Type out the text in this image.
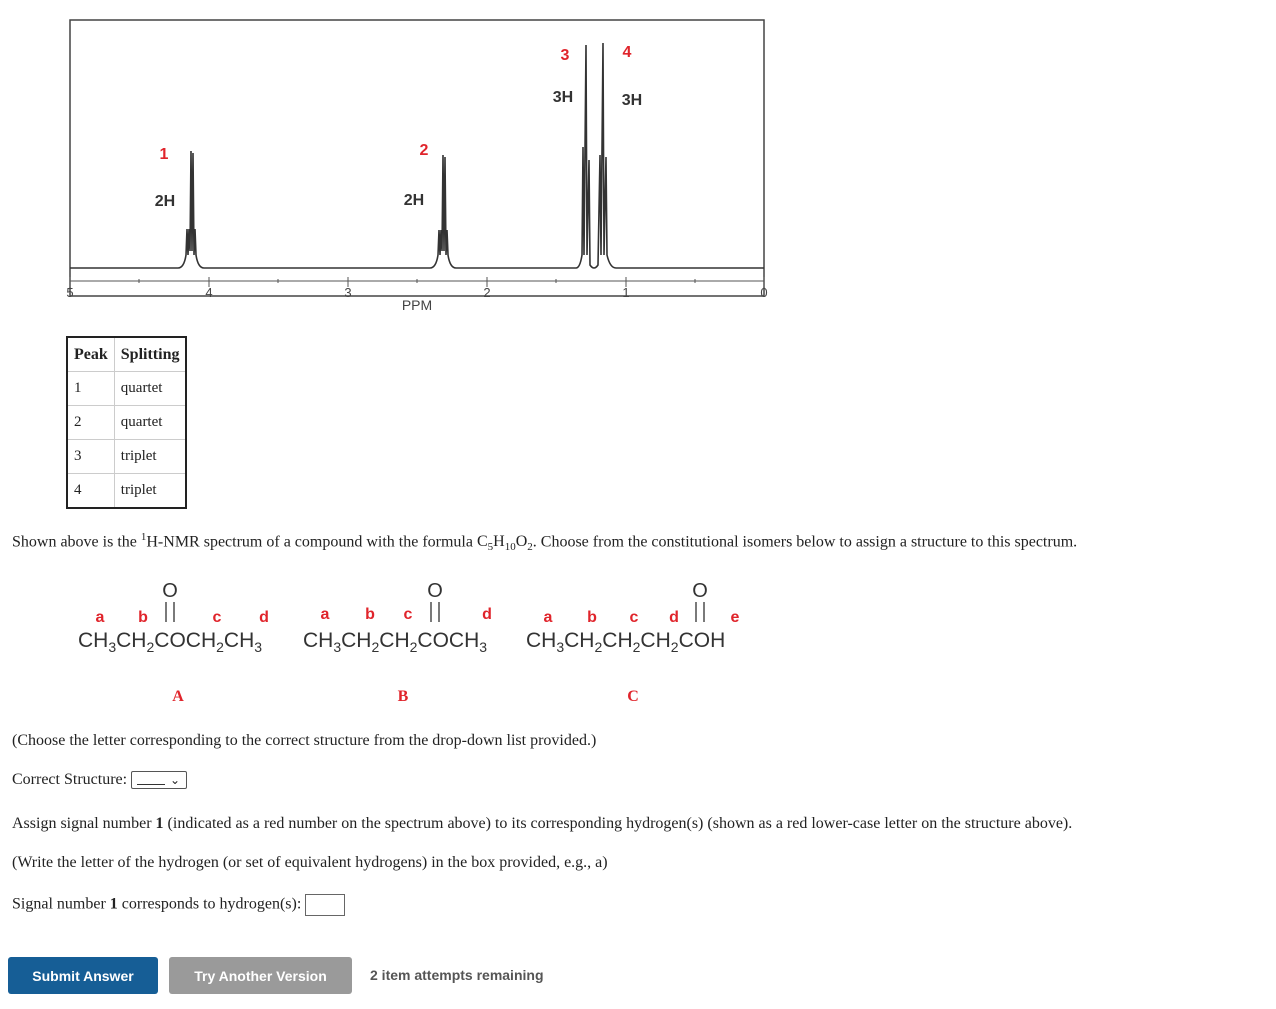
5	4	3	2	1	0
PPM
1	2
3	4
2H	2H
3H	3H
Peak	Splitting
1	quartet
2	quartet
3	triplet
4	triplet
Shown above is the $^1$H-NMR spectrum of a compound with the formula $C_5H_{10}O_2$. Choose from the constitutional isomers below to assign a structure to this spectrum.
O
a b	c d
$CH_3CH_2COCH_2CH_3$
A
O
a b c	d
$CH_3CH_2CH_2COCH_3$
B
O
a b c d	e
$CH_3CH_2CH_2CH_2COH$
C
(Choose the letter corresponding to the correct structure from the drop-down list provided.)
Correct Structure:	⌄
Assign signal number 1 (indicated as a red number on the spectrum above) to its corresponding hydrogen(s) (shown as a red lower-case letter on the structure above).
(Write the letter of the hydrogen (or set of equivalent hydrogens) in the box provided, e.g., a)
Signal number 1 corresponds to hydrogen(s):
Submit Answer	Try Another Version	2 item attempts remaining
